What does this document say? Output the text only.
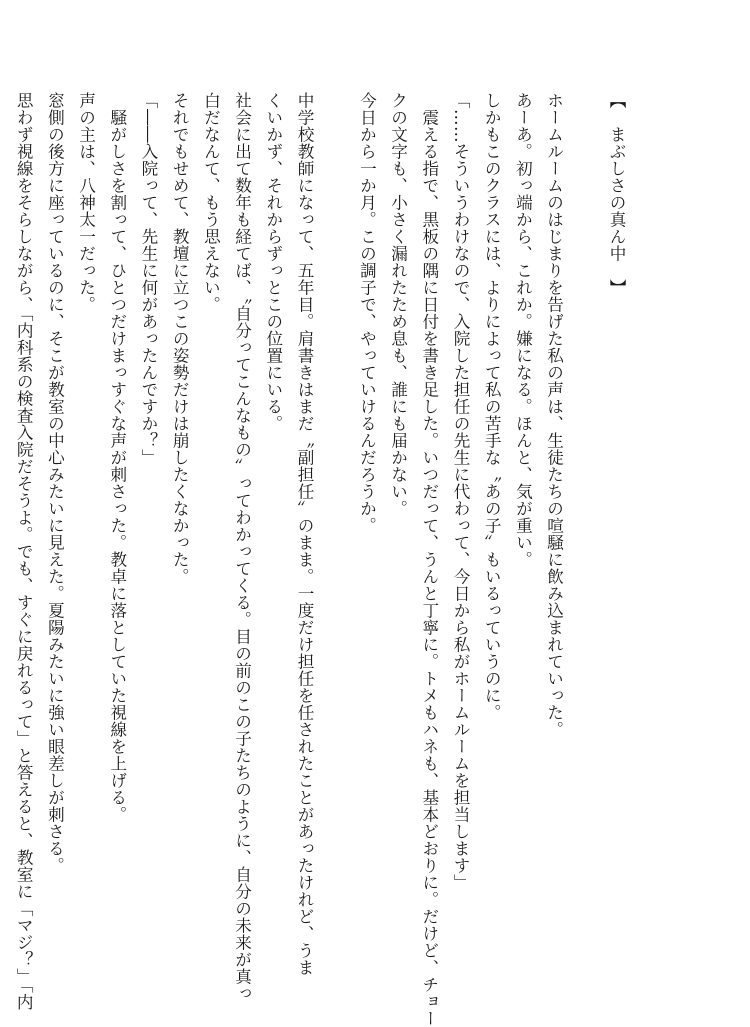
【　まぶしさの真ん中　】
ホームルームのはじまりを告げた私の声は、生徒たちの喧騒に飲み込まれていった。
あーあ。初っ端から、これか。嫌になる。ほんと、気が重い。
しかもこのクラスには、よりによって私の苦手な〝あの子〟もいるっていうのに。
「……そういうわけなので、入院した担任の先生に代わって、今日から私がホームルームを担当します」
　震える指で、黒板の隅に日付を書き足した。いつだって、うんと丁寧に。トメもハネも、基本どおりに。だけど、チョー
クの文字も、小さく漏れたため息も、誰にも届かない。
今日から一か月。この調子で、やっていけるんだろうか。
中学校教師になって、五年目。肩書きはまだ〝副担任〟のまま。一度だけ担任を任されたことがあったけれど、うま
くいかず、それからずっとこの位置にいる。
社会に出て数年も経てば、〝自分ってこんなもの〟ってわかってくる。目の前のこの子たちのように、自分の未来が真っ
白だなんて、もう思えない。
それでもせめて、教壇に立つこの姿勢だけは崩したくなかった。
「――入院って、先生に何があったんですか？」
　騒がしさを割って、ひとつだけまっすぐな声が刺さった。教卓に落としていた視線を上げる。
声の主は、八神太一だった。
窓側の後方に座っているのに、そこが教室の中心みたいに見えた。夏陽みたいに強い眼差しが刺さる。
思わず視線をそらしながら、「内科系の検査入院だそうよ。でも、すぐに戻れるって」と答えると、教室に「マジ？」「内
